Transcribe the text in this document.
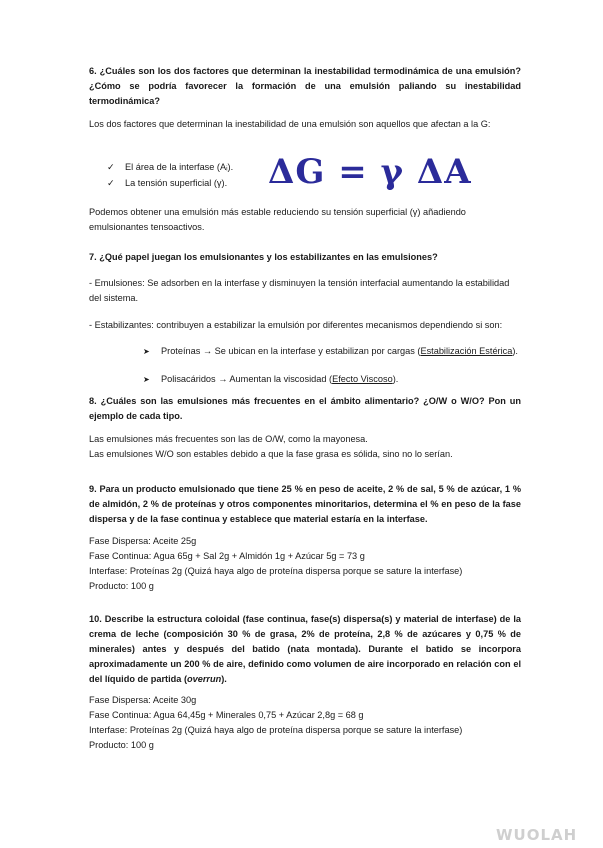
6. ¿Cuáles son los dos factores que determinan la inestabilidad termodinámica de una emulsión?¿Cómo se podría favorecer la formación de una emulsión paliando su inestabilidad termodinámica?
Los dos factores que determinan la inestabilidad de una emulsión son aquellos que afectan a la G:
✓ El área de la interfase (Aᵢ).
✓ La tensión superficial (γ). ΔG = γ ΔA
Podemos obtener una emulsión más estable reduciendo su tensión superficial (γ) añadiendo emulsionantes tensoactivos.
7. ¿Qué papel juegan los emulsionantes y los estabilizantes en las emulsiones?
- Emulsiones: Se adsorben en la interfase y disminuyen la tensión interfacial aumentando la estabilidad del sistema.
- Estabilizantes: contribuyen a estabilizar la emulsión por diferentes mecanismos dependiendo si son:
➤ Proteínas → Se ubican en la interfase y estabilizan por cargas (Estabilización Estérica).
➤ Polisacáridos → Aumentan la viscosidad (Efecto Viscoso).
8. ¿Cuáles son las emulsiones más frecuentes en el ámbito alimentario? ¿O/W o W/O? Pon un ejemplo de cada tipo.
Las emulsiones más frecuentes son las de O/W, como la mayonesa.
Las emulsiones W/O son estables debido a que la fase grasa es sólida, sino no lo serían.
9. Para un producto emulsionado que tiene 25 % en peso de aceite, 2 % de sal, 5 % de azúcar, 1 % de almidón, 2 % de proteínas y otros componentes minoritarios, determina el % en peso de la fase dispersa y de la fase continua y establece que material estaría en la interfase.
Fase Dispersa: Aceite 25g
Fase Continua: Agua 65g + Sal 2g + Almidón 1g + Azúcar 5g = 73 g
Interfase: Proteínas 2g (Quizá haya algo de proteína dispersa porque se sature la interfase)
Producto: 100 g
10. Describe la estructura coloidal (fase continua, fase(s) dispersa(s) y material de interfase) de la crema de leche (composición 30 % de grasa, 2% de proteína, 2,8 % de azúcares y 0,75 % de minerales) antes y después del batido (nata montada). Durante el batido se incorpora aproximadamente un 200 % de aire, definido como volumen de aire incorporado en relación con el del líquido de partida (overrun).
Fase Dispersa: Aceite 30g
Fase Continua: Agua 64,45g + Minerales 0,75 + Azúcar 2,8g = 68 g
Interfase: Proteínas 2g (Quizá haya algo de proteína dispersa porque se sature la interfase)
Producto: 100 g
WUOLAH
